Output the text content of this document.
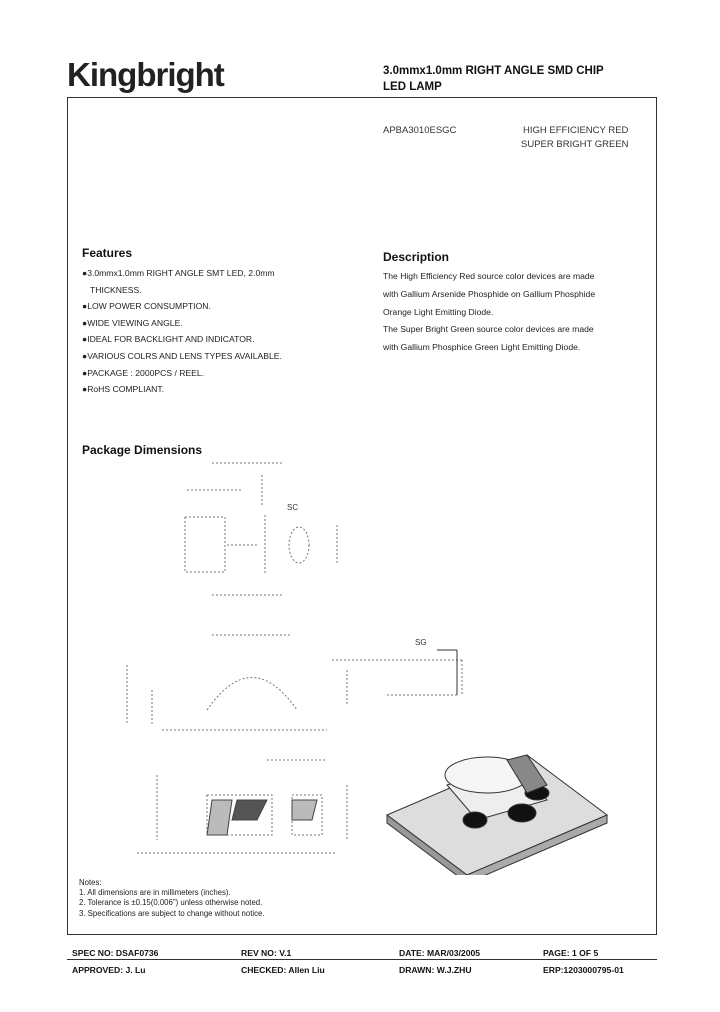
Kingbright	3.0mmx1.0mm RIGHT ANGLE SMD CHIP
LED LAMP
APBA3010ESGC	HIGH EFFICIENCY RED
SUPER BRIGHT GREEN
Features
●3.0mmx1.0mm RIGHT ANGLE SMT LED, 2.0mm
THICKNESS.
●LOW POWER CONSUMPTION.
●WIDE VIEWING ANGLE.
●IDEAL FOR BACKLIGHT AND INDICATOR.
●VARIOUS COLRS AND LENS TYPES AVAILABLE.
●PACKAGE : 2000PCS / REEL.
●RoHS COMPLIANT.
Description
The High Efficiency Red source color devices are made
with Gallium Arsenide Phosphide on Gallium Phosphide
Orange Light Emitting Diode.
The Super Bright Green source color devices are made
with Gallium Phosphice Green Light Emitting Diode.
Package Dimensions
SC
SG
Notes:
1. All dimensions are in millimeters (inches).
2. Tolerance is ±0.15(0.006") unless otherwise noted.
3. Specifications are subject to change without notice.
SPEC NO: DSAF0736	REV NO: V.1	DATE: MAR/03/2005	PAGE: 1 OF 5
APPROVED: J. Lu	CHECKED: Allen Liu	DRAWN: W.J.ZHU	ERP:1203000795-01
